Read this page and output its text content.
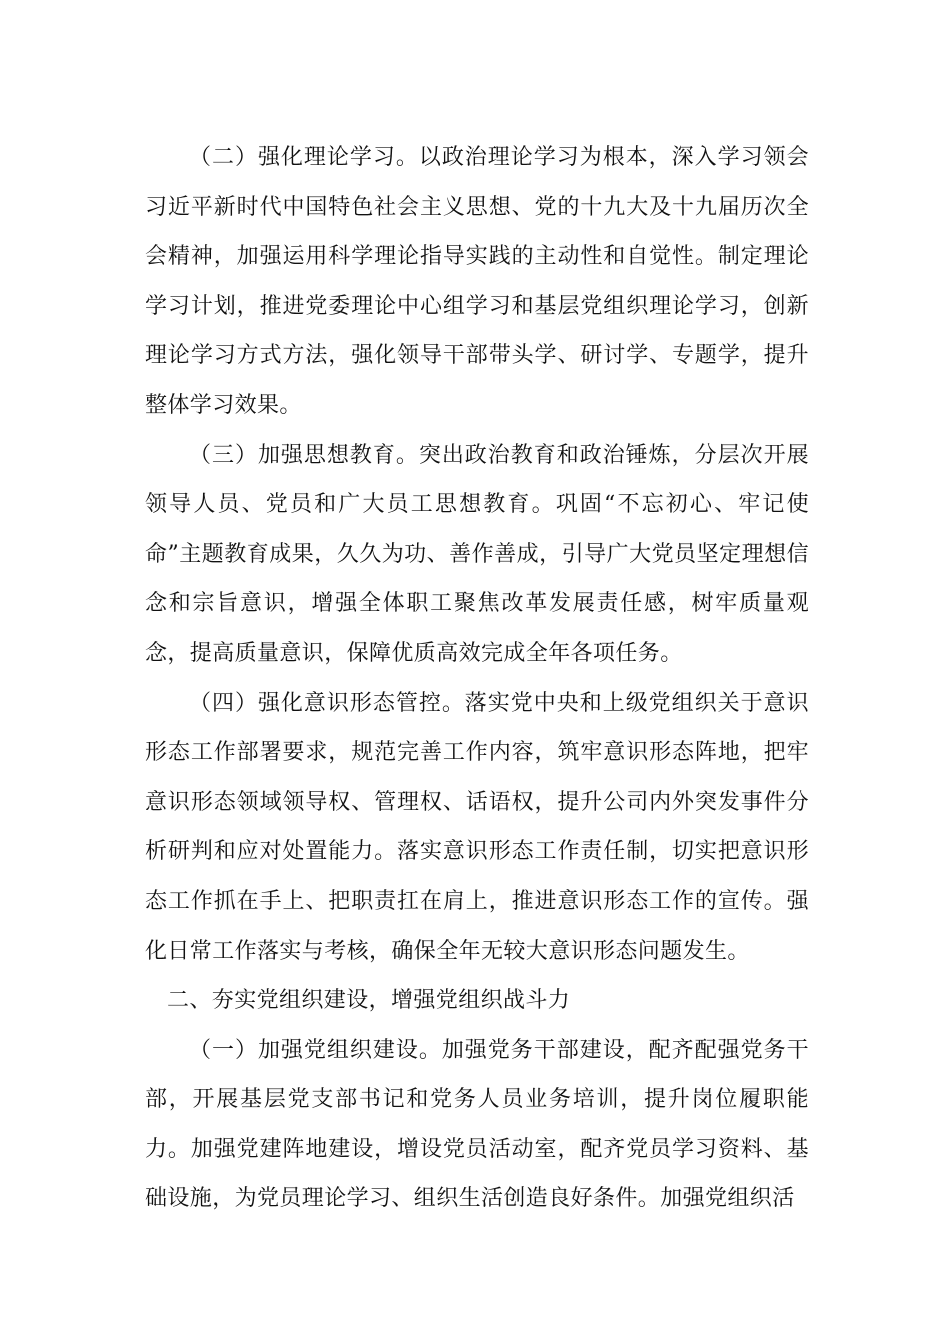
（二）强化理论学习。以政治理论学习为根本，深入学习领会习近平新时代中国特色社会主义思想、党的十九大及十九届历次全会精神，加强运用科学理论指导实践的主动性和自觉性。制定理论学习计划，推进党委理论中心组学习和基层党组织理论学习，创新理论学习方式方法，强化领导干部带头学、研讨学、专题学，提升整体学习效果。

（三）加强思想教育。突出政治教育和政治锤炼，分层次开展领导人员、党员和广大员工思想教育。巩固“不忘初心、牢记使命”主题教育成果，久久为功、善作善成，引导广大党员坚定理想信念和宗旨意识，增强全体职工聚焦改革发展责任感，树牢质量观念，提高质量意识，保障优质高效完成全年各项任务。

（四）强化意识形态管控。落实党中央和上级党组织关于意识形态工作部署要求，规范完善工作内容，筑牢意识形态阵地，把牢意识形态领域领导权、管理权、话语权，提升公司内外突发事件分析研判和应对处置能力。落实意识形态工作责任制，切实把意识形态工作抓在手上、把职责扛在肩上，推进意识形态工作的宣传。强化日常工作落实与考核，确保全年无较大意识形态问题发生。

二、夯实党组织建设，增强党组织战斗力

（一）加强党组织建设。加强党务干部建设，配齐配强党务干部，开展基层党支部书记和党务人员业务培训，提升岗位履职能力。加强党建阵地建设，增设党员活动室，配齐党员学习资料、基础设施，为党员理论学习、组织生活创造良好条件。加强党组织活
